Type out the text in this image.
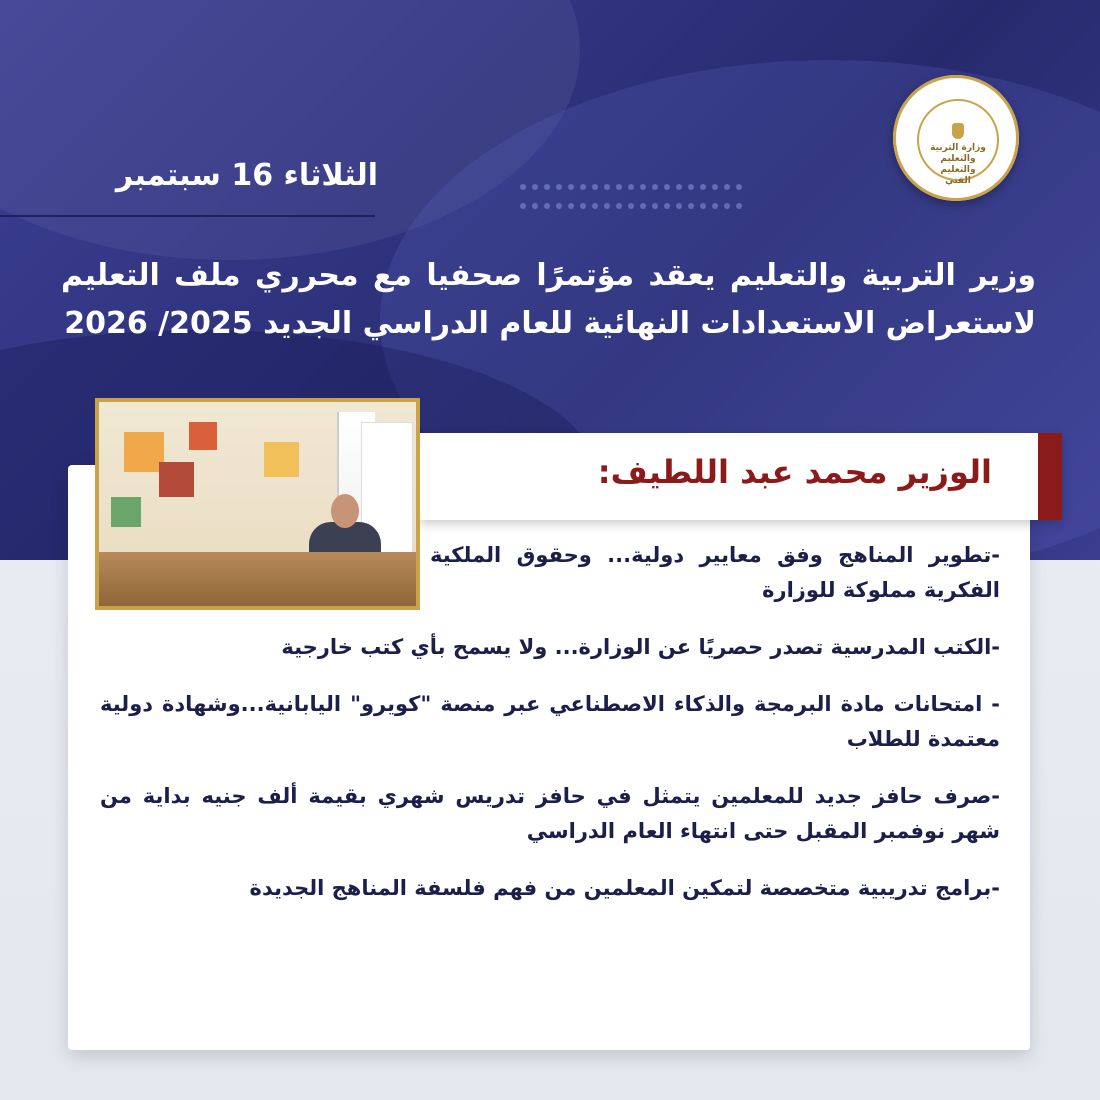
وزارة التربية والتعليم والتعليم الفني
الثلاثاء 16 سبتمبر

وزير التربية والتعليم يعقد مؤتمرًا صحفيا مع محرري ملف التعليم لاستعراض الاستعدادات النهائية للعام الدراسي الجديد 2025/ 2026
الوزير محمد عبد اللطيف:
-تطوير المناهج وفق معايير دولية... وحقوق الملكية الفكرية مملوكة للوزارة
-الكتب المدرسية تصدر حصريًا عن الوزارة... ولا يسمح بأي كتب خارجية
- امتحانات مادة البرمجة والذكاء الاصطناعي عبر منصة "كويرو" اليابانية...وشهادة دولية معتمدة للطلاب
-صرف حافز جديد للمعلمين يتمثل في حافز تدريس شهري بقيمة ألف جنيه بداية من شهر نوفمبر المقبل حتى انتهاء العام الدراسي
-برامج تدريبية متخصصة لتمكين المعلمين من فهم فلسفة المناهج الجديدة
